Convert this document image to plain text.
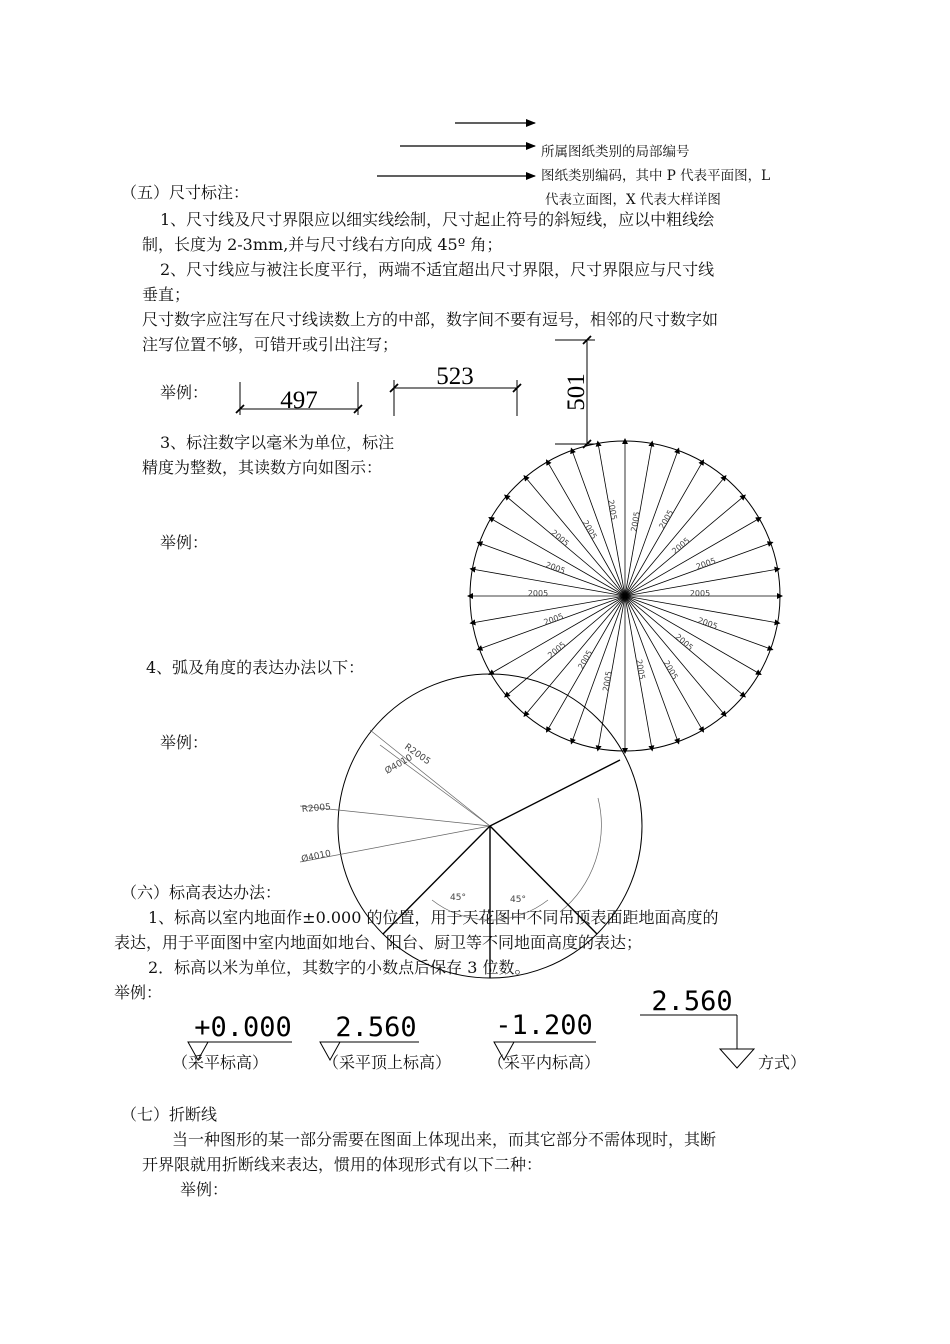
所属图纸类别的局部编号
图纸类别编码，其中 P 代表平面图，L
代表立面图，X 代表大样详图
（五）尺寸标注：
1、尺寸线及尺寸界限应以细实线绘制，尺寸起止符号的斜短线，应以中粗线绘
制，长度为 2-3mm,并与尺寸线右方向成 45º 角；
2、尺寸线应与被注长度平行，两端不适宜超出尺寸界限，尺寸界限应与尺寸线
垂直；
尺寸数字应注写在尺寸线读数上方的中部，数字间不要有逗号，相邻的尺寸数字如
注写位置不够，可错开或引出注写；
举例：
3、标注数字以毫米为单位，标注
精度为整数，其读数方向如图示：
举例：
4、弧及角度的表达办法以下：
举例：
（六）标高表达办法：
1、标高以室内地面作±0.000 的位置，用于天花图中不同吊顶表面距地面高度的
表达，用于平面图中室内地面如地台、阳台、厨卫等不同地面高度的表达；
2．标高以米为单位，其数字的小数点后保存 3 位数。
举例：
（七）折断线
当一种图形的某一部分需要在图面上体现出来，而其它部分不需体现时，其断
开界限就用折断线来表达，惯用的体现形式有以下二种：
举例：
（采平标高）	（采平顶上标高） （采平内标高）	方式）
497
523	501
2005
2005
2005
2005
2005
2005
2005
2005
2005
2005
2005
2005 2005
2005
2005 2005
2005
2005
R2005
Ø4010
R2005
Ø4010
45°	45°
+0.000 2.560	-1.200
2.560
